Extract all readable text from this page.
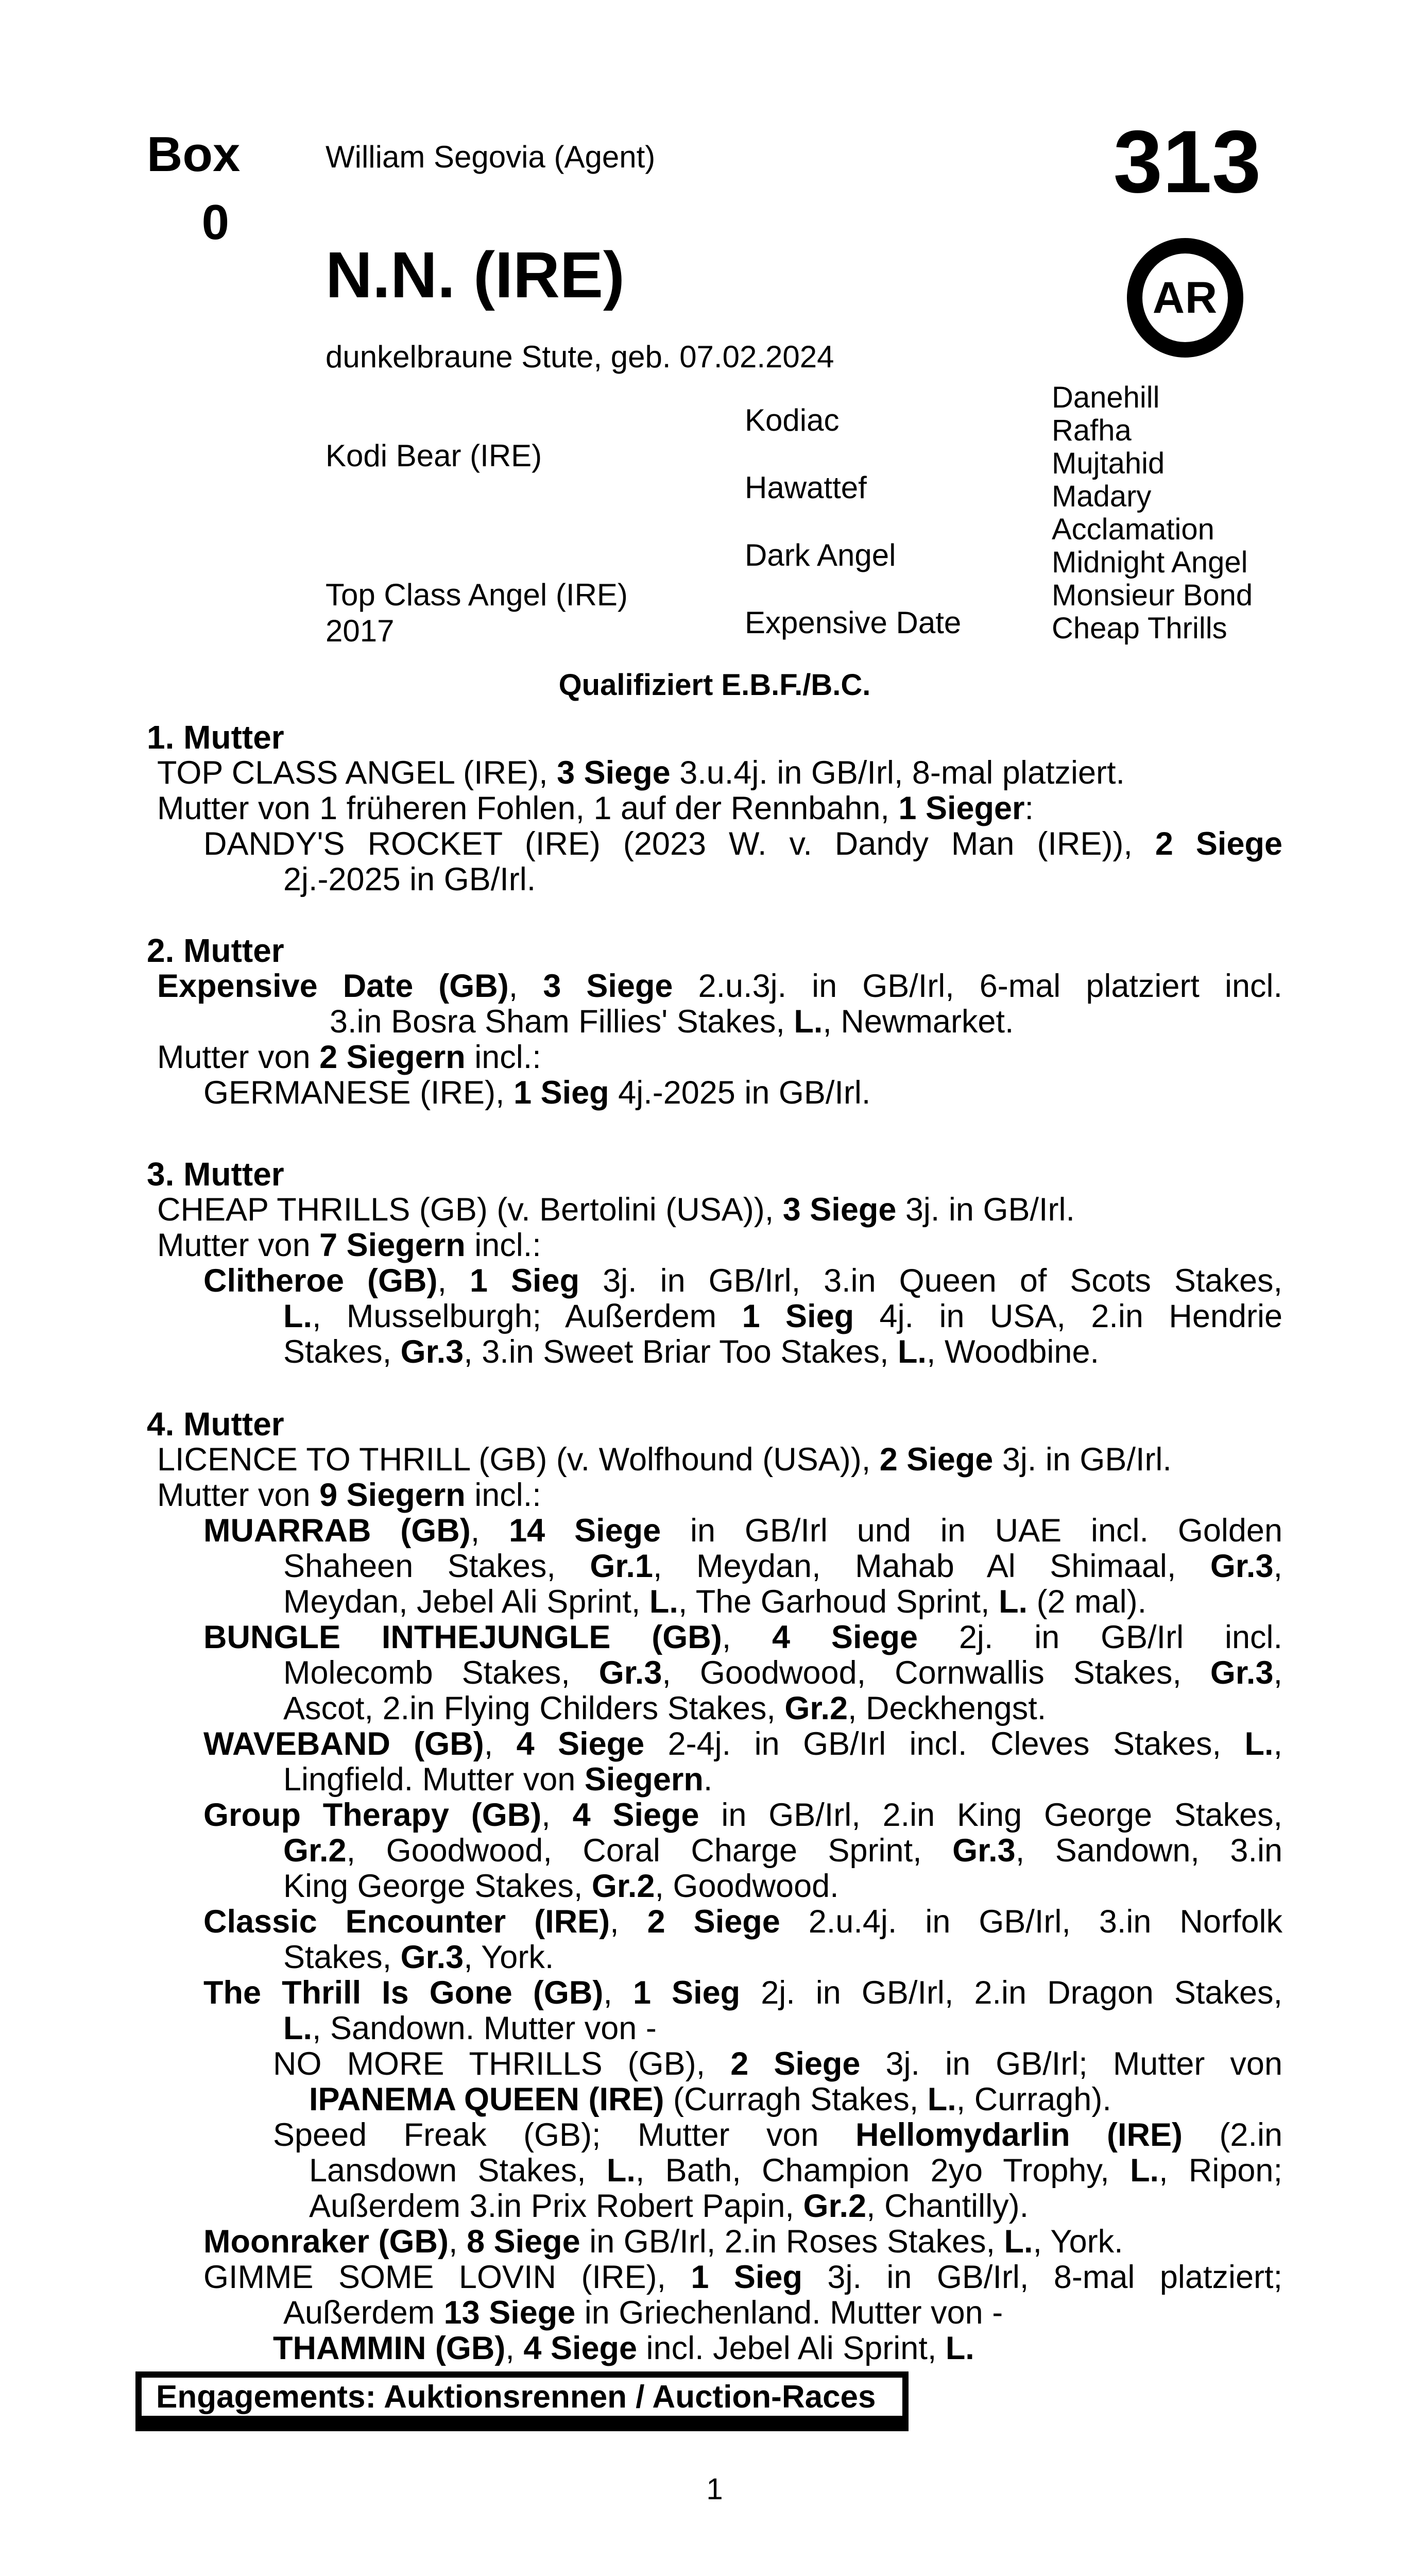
Box
0
William Segovia (Agent)	313
AR
N.N. (IRE)
dunkelbraune Stute, geb. 07.02.2024
Kodi Bear (IRE)
Top Class Angel (IRE)
2017
Kodiac
Hawattef
Dark Angel
Expensive Date
Danehill
Rafha
Mujtahid
Madary
Acclamation
Midnight Angel
Monsieur Bond
Cheap Thrills
Qualifiziert E.B.F./B.C.
1. Mutter
TOP CLASS ANGEL (IRE), 3 Siege 3.u.4j. in GB/Irl, 8-mal platziert.
Mutter von 1 früheren Fohlen, 1 auf der Rennbahn, 1 Sieger:
DANDY'S ROCKET (IRE) (2023 W. v. Dandy Man (IRE)), 2 Siege
2j.-2025 in GB/Irl.
2. Mutter
Expensive Date (GB), 3 Siege 2.u.3j. in GB/Irl, 6-mal platziert incl.
3.in Bosra Sham Fillies' Stakes, L., Newmarket.
Mutter von 2 Siegern incl.:
GERMANESE (IRE), 1 Sieg 4j.-2025 in GB/Irl.
3. Mutter
CHEAP THRILLS (GB) (v. Bertolini (USA)), 3 Siege 3j. in GB/Irl.
Mutter von 7 Siegern incl.:
Clitheroe (GB), 1 Sieg 3j. in GB/Irl, 3.in Queen of Scots Stakes,
L., Musselburgh; Außerdem 1 Sieg 4j. in USA, 2.in Hendrie
Stakes, Gr.3, 3.in Sweet Briar Too Stakes, L., Woodbine.
4. Mutter
LICENCE TO THRILL (GB) (v. Wolfhound (USA)), 2 Siege 3j. in GB/Irl.
Mutter von 9 Siegern incl.:
MUARRAB (GB), 14 Siege in GB/Irl und in UAE incl. Golden
Shaheen Stakes, Gr.1, Meydan, Mahab Al Shimaal, Gr.3,
Meydan, Jebel Ali Sprint, L., The Garhoud Sprint, L. (2 mal).
BUNGLE INTHEJUNGLE (GB), 4 Siege 2j. in GB/Irl incl.
Molecomb Stakes, Gr.3, Goodwood, Cornwallis Stakes, Gr.3,
Ascot, 2.in Flying Childers Stakes, Gr.2, Deckhengst.
WAVEBAND (GB), 4 Siege 2-4j. in GB/Irl incl. Cleves Stakes, L.,
Lingfield. Mutter von Siegern.
Group Therapy (GB), 4 Siege in GB/Irl, 2.in King George Stakes,
Gr.2, Goodwood, Coral Charge Sprint, Gr.3, Sandown, 3.in
King George Stakes, Gr.2, Goodwood.
Classic Encounter (IRE), 2 Siege 2.u.4j. in GB/Irl, 3.in Norfolk
Stakes, Gr.3, York.
The Thrill Is Gone (GB), 1 Sieg 2j. in GB/Irl, 2.in Dragon Stakes,
L., Sandown. Mutter von -
NO MORE THRILLS (GB), 2 Siege 3j. in GB/Irl; Mutter von
IPANEMA QUEEN (IRE) (Curragh Stakes, L., Curragh).
Speed Freak (GB); Mutter von Hellomydarlin (IRE) (2.in
Lansdown Stakes, L., Bath, Champion 2yo Trophy, L., Ripon;
Außerdem 3.in Prix Robert Papin, Gr.2, Chantilly).
Moonraker (GB), 8 Siege in GB/Irl, 2.in Roses Stakes, L., York.
GIMME SOME LOVIN (IRE), 1 Sieg 3j. in GB/Irl, 8-mal platziert;
Außerdem 13 Siege in Griechenland. Mutter von -
THAMMIN (GB), 4 Siege incl. Jebel Ali Sprint, L.
Engagements: Auktionsrennen / Auction-Races
1
